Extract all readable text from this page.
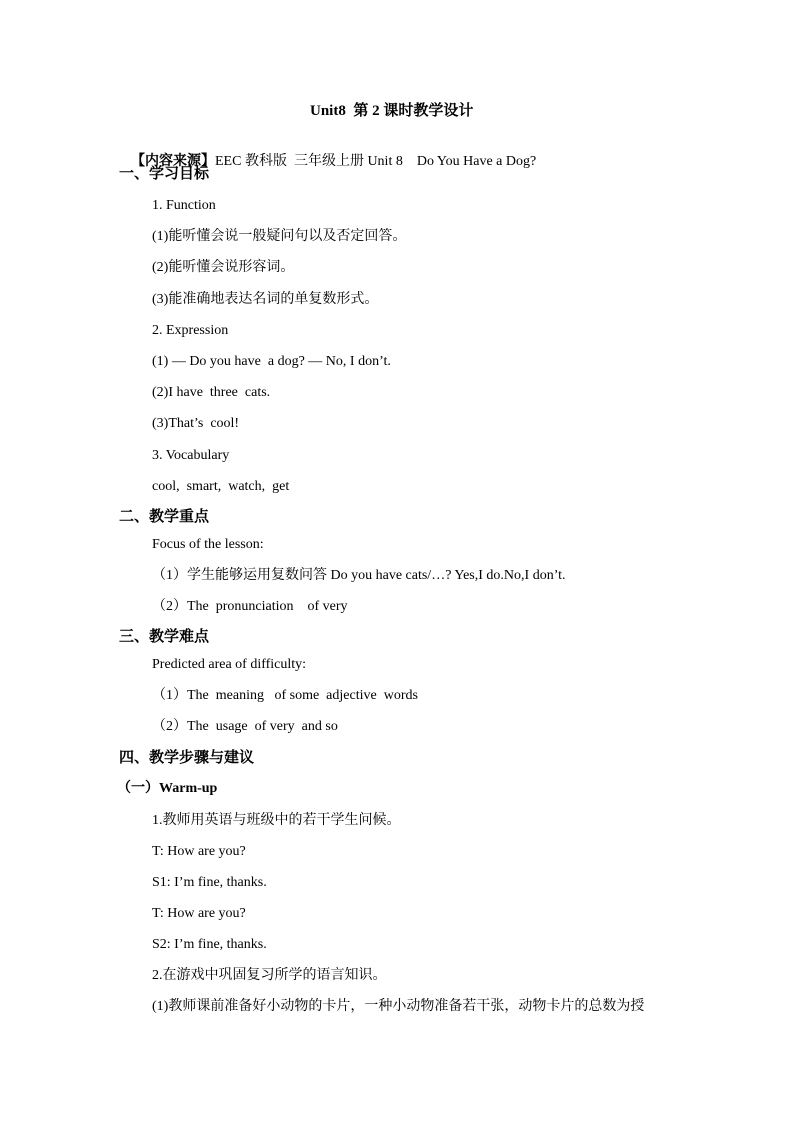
Unit8  第 2 课时教学设计

【内容来源】EEC 教科版  三年级上册 Unit 8    Do You Have a Dog?

一、学习目标
1. Function
(1)能听懂会说一般疑问句以及否定回答。
(2)能听懂会说形容词。
(3)能准确地表达名词的单复数形式。
2. Expression
(1) — Do you have  a dog? — No, I don’t.
(2)I have  three  cats.
(3)That’s  cool!
3. Vocabulary
cool,  smart,  watch,  get
二、教学重点
Focus of the lesson:
（1）学生能够运用复数问答 Do you have cats/…? Yes,I do.No,I don’t.
（2）The  pronunciation    of very
三、教学难点
Predicted area of difficulty:
（1）The  meaning   of some  adjective  words
（2）The  usage  of very  and so
四、教学步骤与建议
（一）Warm-up
1.教师用英语与班级中的若干学生问候。
T: How are you?
S1: I’m fine, thanks.
T: How are you?
S2: I’m fine, thanks.
2.在游戏中巩固复习所学的语言知识。
(1)教师课前准备好小动物的卡片，一种小动物准备若干张，动物卡片的总数为授
